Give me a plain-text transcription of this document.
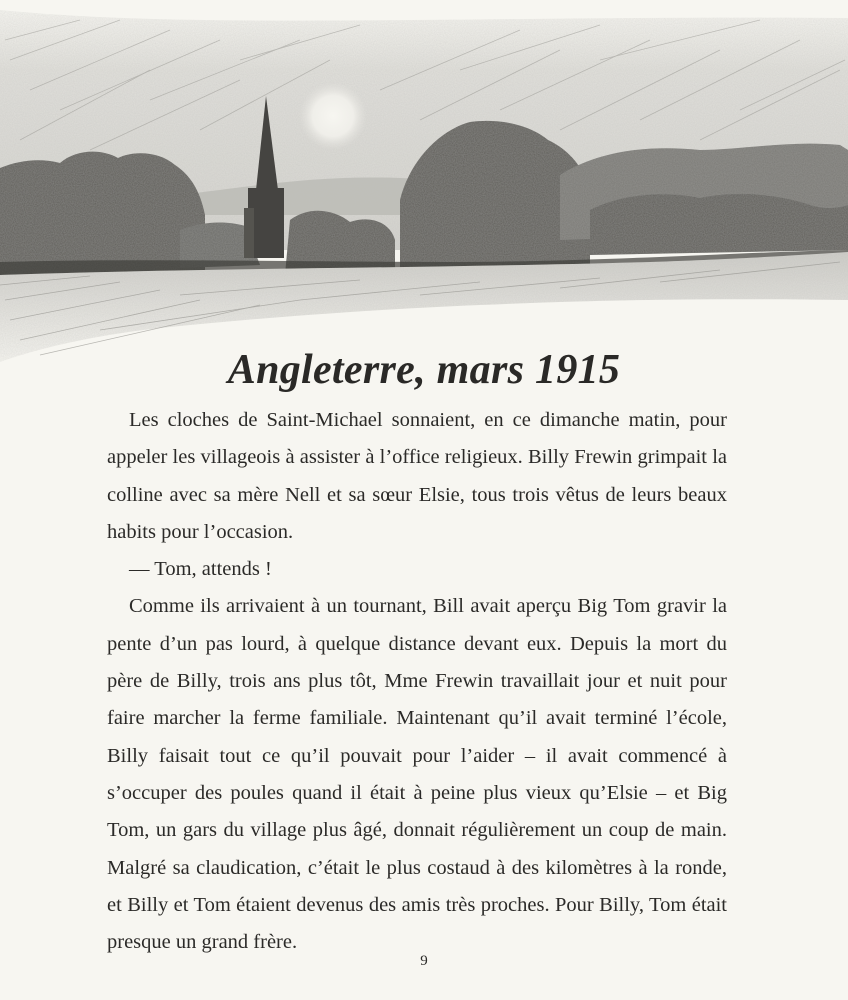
Angleterre, mars 1915

Les cloches de Saint-Michael sonnaient, en ce dimanche matin, pour appeler les villageois à assister à l’office religieux. Billy Frewin grimpait la colline avec sa mère Nell et sa sœur Elsie, tous trois vêtus de leurs beaux habits pour l’occasion.

— Tom, attends !

Comme ils arrivaient à un tournant, Bill avait aperçu Big Tom gravir la pente d’un pas lourd, à quelque distance devant eux. Depuis la mort du père de Billy, trois ans plus tôt, Mme Frewin travaillait jour et nuit pour faire marcher la ferme familiale. Maintenant qu’il avait terminé l’école, Billy faisait tout ce qu’il pouvait pour l’aider – il avait commencé à s’occuper des poules quand il était à peine plus vieux qu’Elsie – et Big Tom, un gars du village plus âgé, donnait régulièrement un coup de main. Malgré sa claudication, c’était le plus costaud à des kilomètres à la ronde, et Billy et Tom étaient devenus des amis très proches. Pour Billy, Tom était presque un grand frère.

9
